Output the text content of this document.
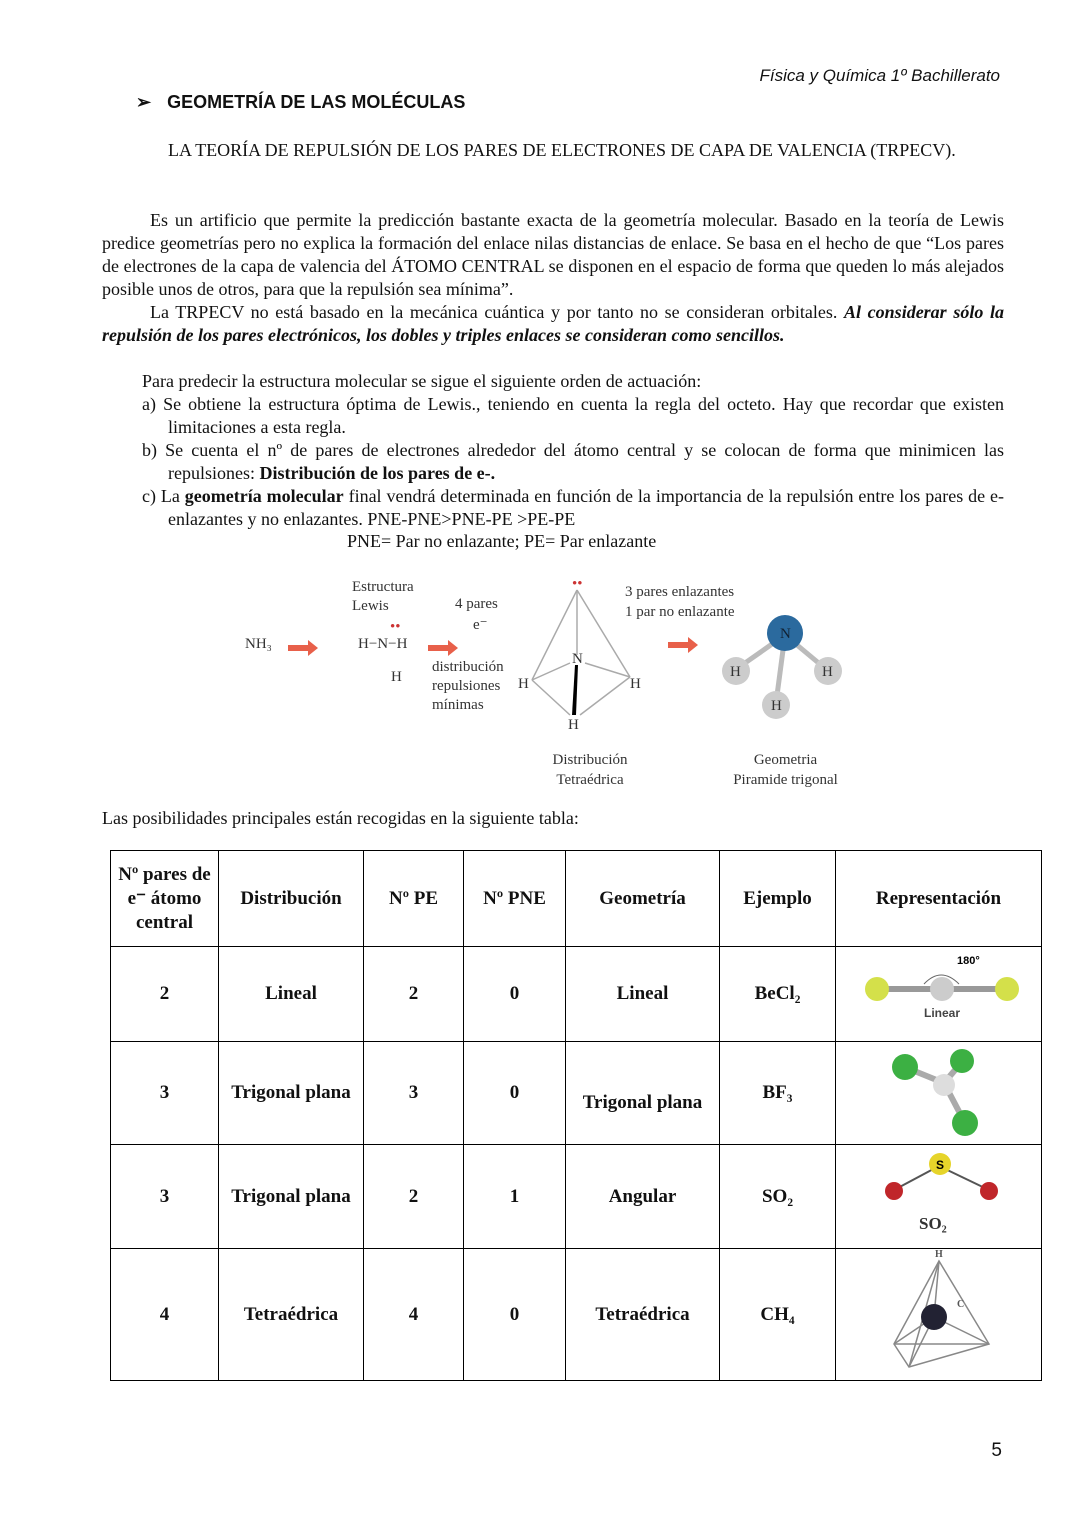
Física y Química 1º Bachillerato
➢ GEOMETRÍA DE LAS MOLÉCULAS
LA TEORÍA DE REPULSIÓN DE LOS PARES DE ELECTRONES DE CAPA DE VALENCIA (TRPECV).

Es un artificio que permite la predicción bastante exacta de la geometría molecular. Basado en la teoría de Lewis predice geometrías pero no explica la formación del enlace nilas distancias de enlace. Se basa en el hecho de que “Los pares de electrones de la capa de valencia del ÁTOMO CENTRAL se disponen en el espacio de forma que queden lo más alejados posible unos de otros, para que la repulsión sea mínima”.

La TRPECV no está basado en la mecánica cuántica y por tanto no se consideran orbitales. Al considerar sólo la repulsión de los pares electrónicos, los dobles y triples enlaces se consideran como sencillos.

Para predecir la estructura molecular se sigue el siguiente orden de actuación:

a) Se obtiene la estructura óptima de Lewis., teniendo en cuenta la regla del octeto. Hay que recordar que existen limitaciones a esta regla.

b) Se cuenta el nº de pares de electrones alrededor del átomo central y se colocan de forma que minimicen las repulsiones: Distribución de los pares de e-.

c) La geometría molecular final vendrá determinada en función de la importancia de la repulsión entre los pares de e- enlazantes y no enlazantes. PNE-PNE>PNE-PE >PE-PE

PNE= Par no enlazante; PE= Par enlazante
N
H	H
H
N
H	H
H
••
H−N−H
H
••
NH₃
Estructura
Lewis	4 pares
e⁻
distribución
repulsiones
mínimas
3 pares enlazantes
1 par no enlazante
Distribución
Tetraédrica
Geometria
Piramide trigonal
Las posibilidades principales están recogidas en la siguiente tabla:
Nº pares de e⁻ átomo central	Distribución	Nº PE	Nº PNE	Geometría	Ejemplo	Representación
2	Lineal	2	0	Lineal	BeCl₂	180°
Linear

3	Trigonal plana	3	0	Trigonal plana	BF₃	
3	Trigonal plana	2	1	Angular	SO₂	S
SO₂

4	Tetraédrica	4	0	Tetraédrica	CH₄	H
C
5
